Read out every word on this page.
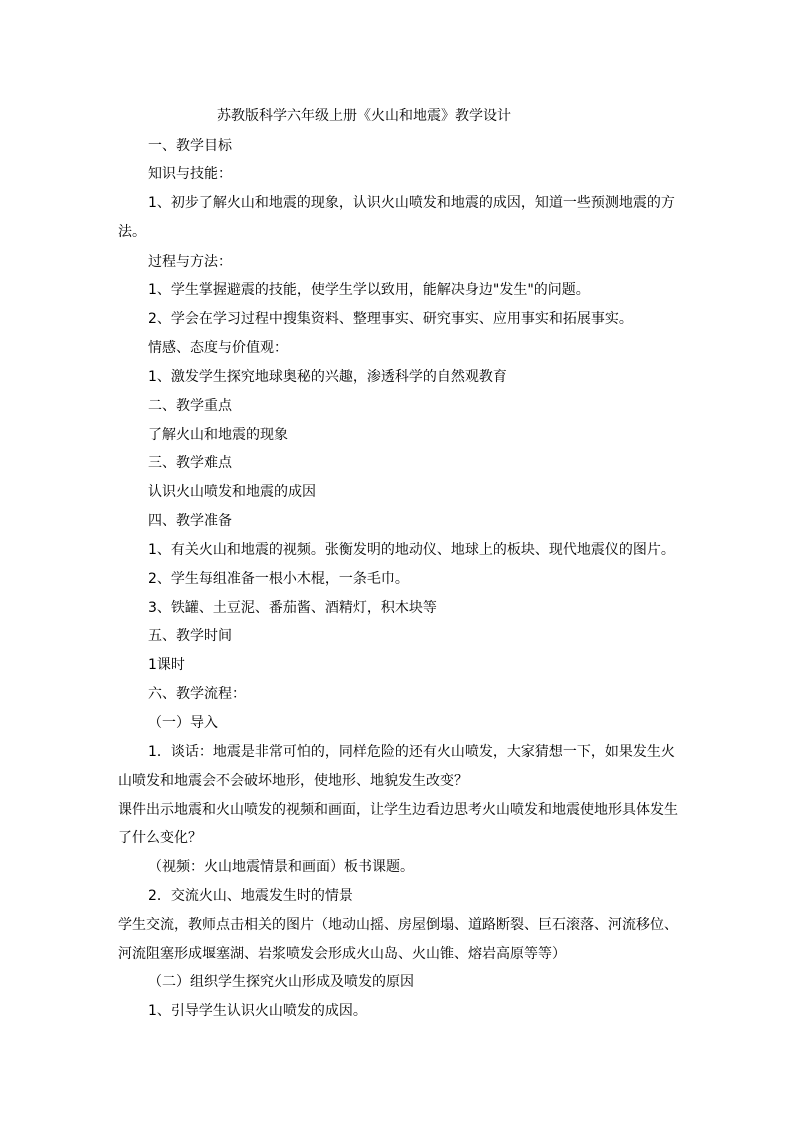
苏教版科学六年级上册《火山和地震》教学设计
一、教学目标
知识与技能：
1、初步了解火山和地震的现象，认识火山喷发和地震的成因，知道一些预测地震的方
法。
过程与方法：
1、学生掌握避震的技能，使学生学以致用，能解决身边"发生"的问题。
2、学会在学习过程中搜集资料、整理事实、研究事实、应用事实和拓展事实。
情感、态度与价值观：
1、激发学生探究地球奥秘的兴趣，渗透科学的自然观教育
二、教学重点
了解火山和地震的现象
三、教学难点
认识火山喷发和地震的成因
四、教学准备
1、有关火山和地震的视频。张衡发明的地动仪、地球上的板块、现代地震仪的图片。
2、学生每组准备一根小木棍，一条毛巾。
3、铁罐、土豆泥、番茄酱、酒精灯，积木块等
五、教学时间
1课时
六、教学流程：
（一）导入
1．谈话：地震是非常可怕的，同样危险的还有火山喷发，大家猜想一下，如果发生火
山喷发和地震会不会破坏地形，使地形、地貌发生改变？
课件出示地震和火山喷发的视频和画面，让学生边看边思考火山喷发和地震使地形具体发生
了什么变化？
（视频：火山地震情景和画面）板书课题。
2．交流火山、地震发生时的情景
学生交流，教师点击相关的图片（地动山摇、房屋倒塌、道路断裂、巨石滚落、河流移位、
河流阻塞形成堰塞湖、岩浆喷发会形成火山岛、火山锥、熔岩高原等等）
（二）组织学生探究火山形成及喷发的原因
1、引导学生认识火山喷发的成因。
